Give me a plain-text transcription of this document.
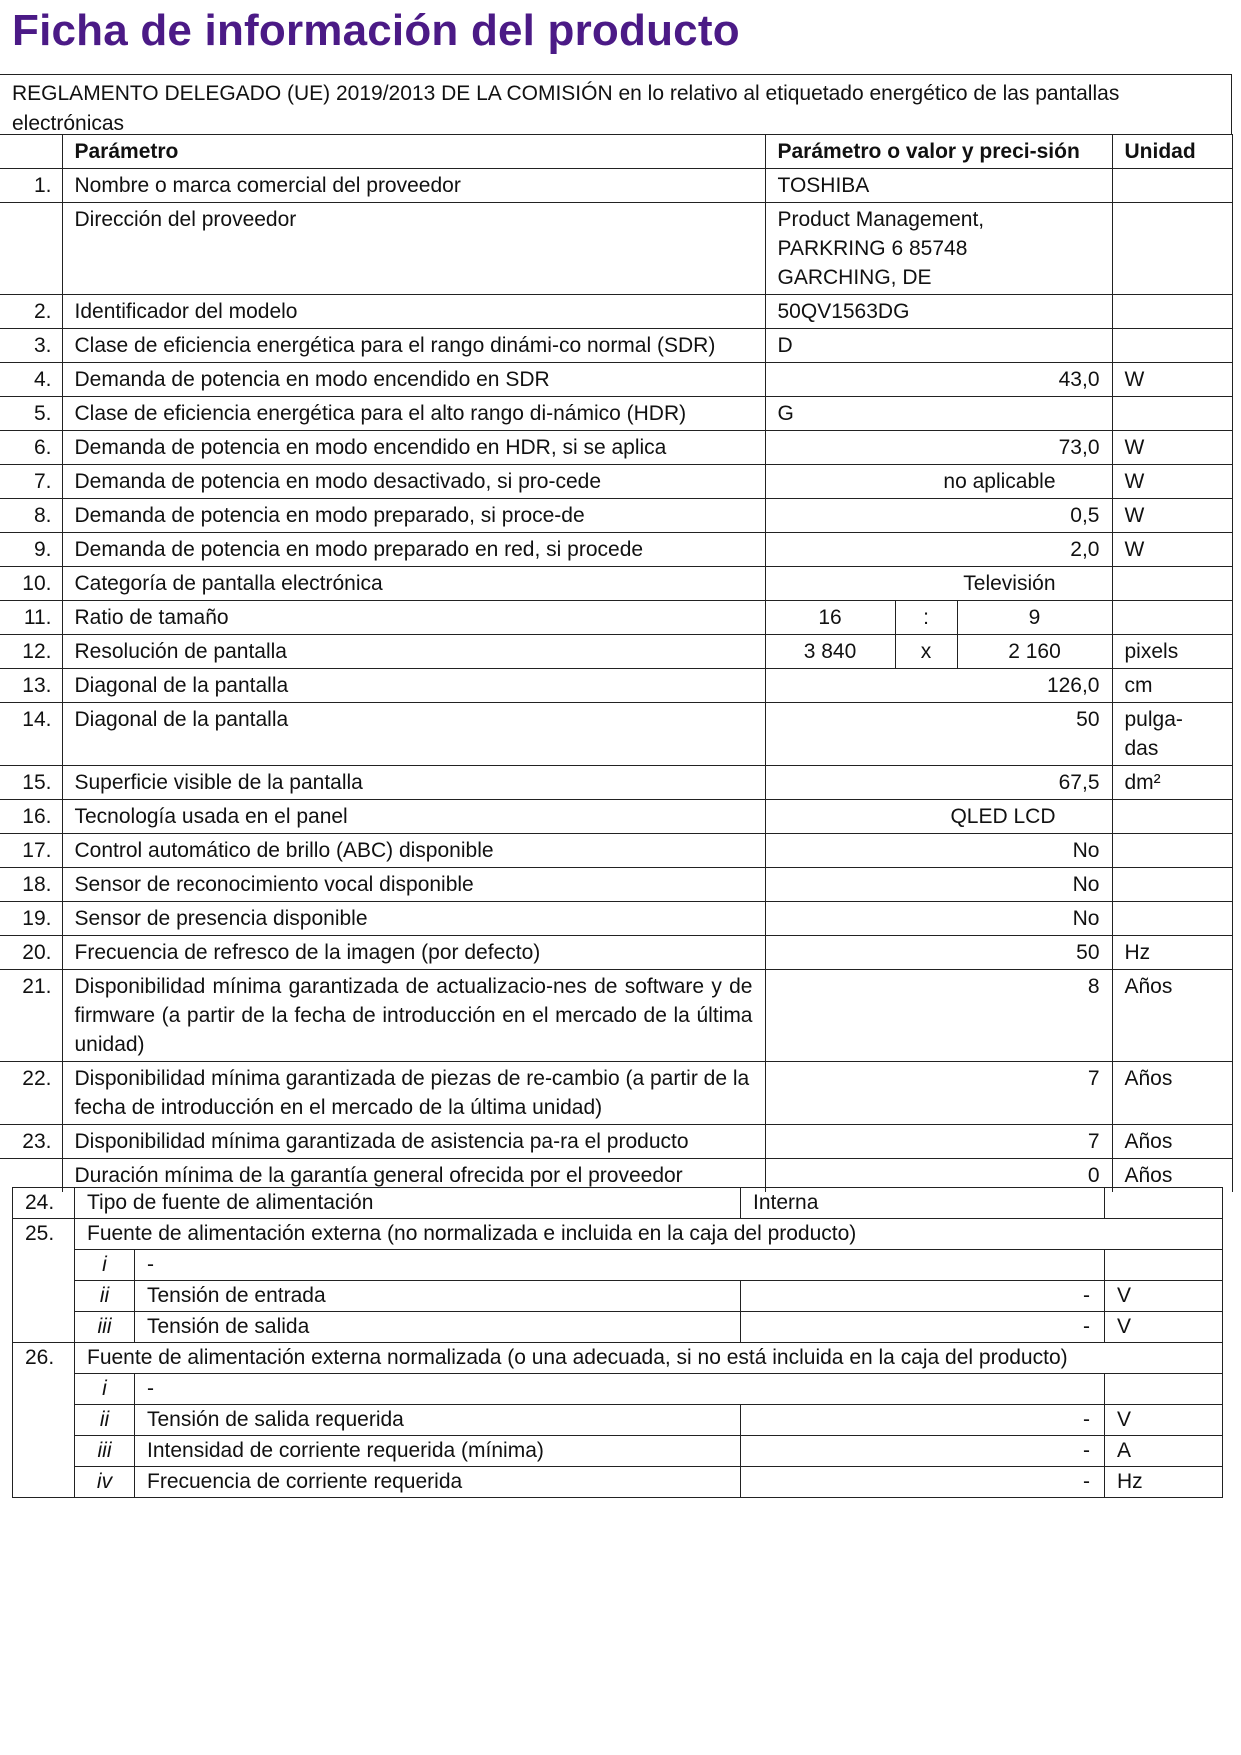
Ficha de información del producto

REGLAMENTO DELEGADO (UE) 2019/2013 DE LA COMISIÓN en lo relativo al etiquetado energético de las pantallas electrónicas

	Parámetro	Parámetro o valor y preci-sión			Unidad
1.	Nombre o marca comercial del proveedor	TOSHIBA			
	Dirección del proveedor	Product Management,
PARKRING 6 85748
GARCHING, DE			

2.	Identificador del modelo	50QV1563DG			
3.	Clase de eficiencia energética para el rango dinámi-co normal (SDR)	D			
4.	Demanda de potencia en modo encendido en SDR	43,0			W
5.	Clase de eficiencia energética para el alto rango di-námico (HDR)	G			
6.	Demanda de potencia en modo encendido en HDR, si se aplica	73,0			W
7.	Demanda de potencia en modo desactivado, si pro-cede	no aplicable			W
8.	Demanda de potencia en modo preparado, si proce-de	0,5			W
9.	Demanda de potencia en modo preparado en red, si procede	2,0			W
10.	Categoría de pantalla electrónica	Televisión			
11.	Ratio de tamaño	16	:	9	
12.	Resolución de pantalla	3 840	x	2 160	pixels
13.	Diagonal de la pantalla	126,0			cm
14.	Diagonal de la pantalla	50			pulga-
das

15.	Superficie visible de la pantalla	67,5			dm²
16.	Tecnología usada en el panel	QLED LCD			
17.	Control automático de brillo (ABC) disponible	No			
18.	Sensor de reconocimiento vocal disponible	No			
19.	Sensor de presencia disponible	No			
20.	Frecuencia de refresco de la imagen (por defecto)	50			Hz
21.	Disponibilidad mínima garantizada de actualizacio-nes de software y de firmware (a partir de la fecha de introducción en el mercado de la última unidad)	8			Años
22.	Disponibilidad mínima garantizada de piezas de re-cambio (a partir de la fecha de introducción en el mercado de la última unidad)	7			Años
23.	Disponibilidad mínima garantizada de asistencia pa-ra el producto	7			Años
	Duración mínima de la garantía general ofrecida por el proveedor	0			Años
24.	Tipo de fuente de alimentación		Interna	
25.	Fuente de alimentación externa (no normalizada e incluida en la caja del producto)			
	i	-		
	ii	Tensión de entrada	-	V
	iii	Tensión de salida	-	V
26.	Fuente de alimentación externa normalizada (o una adecuada, si no está incluida en la caja del producto)			
	i	-		
	ii	Tensión de salida requerida	-	V
	iii	Intensidad de corriente requerida (mínima)	-	A
	iv	Frecuencia de corriente requerida	-	Hz
